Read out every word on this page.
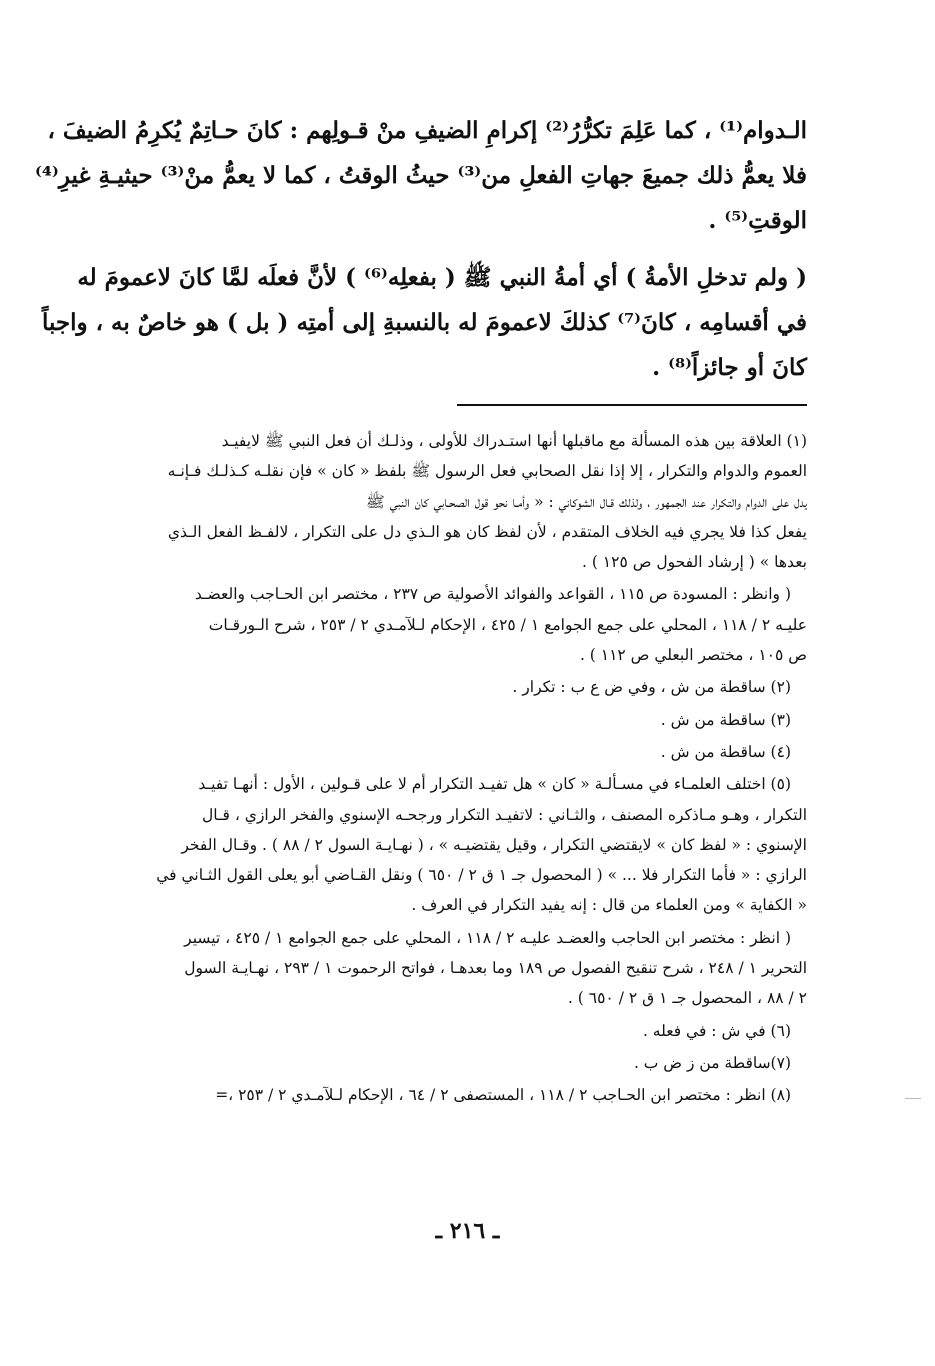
الـدوام⁽¹⁾ ، كما عَلِمَ تكرُّرُ⁽²⁾ إكرامِ الضيفِ منْ قـولِهم : كانَ حـاتِمٌ يُكرِمُ الضيفَ ،
فلا يعمُّ ذلك جميعَ جهاتِ الفعلِ من⁽³⁾ حيثُ الوقتُ ، كما لا يعمُّ منْ⁽³⁾ حيثيـةِ غيرِ⁽⁴⁾
الوقتِ⁽⁵⁾ .
( ولم تدخلِ الأمةُ ) أي أمةُ النبي ﷺ ( بفعلِه⁽⁶⁾ ) لأنَّ فعلَه لمَّا كانَ لاعمومَ له
في أقسامِه ، كانَ⁽⁷⁾ كذلكَ لاعمومَ له بالنسبةِ إلى أمتِه ( بل ) هو خاصٌ به ، واجباً
كانَ أو جائزاً⁽⁸⁾ .
(١) العلاقة بين هذه المسألة مع ماقبلها أنها استـدراك للأولى ، وذلـك أن فعل النبي ﷺ لايفيـد
العموم والدوام والتكرار ، إلا إذا نقل الصحابي فعل الرسول ﷺ بلفظ « كان » فإن نقلـه كـذلـك فـإنـه
يدل على الدوام والتكرار عند الجمهور ، ولذلك قـال الشوكاني : « وأمـا نحو قول الصحـابي كان النبي ﷺ
يفعل كذا فلا يجري فيه الخلاف المتقدم ، لأن لفظ كان هو الـذي دل على التكرار ، لالفـظ الفعل الـذي
بعدها » ( إرشاد الفحول ص ١٢٥ ) .
( وانظر : المسودة ص ١١٥ ، القواعد والفوائد الأصولية ص ٢٣٧ ، مختصر ابن الحـاجب والعضـد
عليـه ٢ / ١١٨ ، المحلي على جمع الجوامع ١ / ٤٢٥ ، الإحكام لـلآمـدي ٢ / ٢٥٣ ، شرح الـورقـات
ص ١٠٥ ، مختصر البعلي ص ١١٢ ) .
(٢) ساقطة من ش ، وفي ض ع ب : تكرار .
(٣) ساقطة من ش .
(٤) ساقطة من ش .
(٥) اختلف العلمـاء في مسـألـة « كان » هل تفيـد التكرار أم لا على قـولين ، الأول : أنهـا تفيـد
التكرار ، وهـو مـاذكره المصنف ، والثـاني : لاتفيـد التكرار ورجحـه الإسنوي والفخر الرازي ، قـال
الإسنوي : « لفظ كان » لايقتضي التكرار ، وقيل يقتضيـه » ، ( نهـايـة السول ٢ / ٨٨ ) . وقـال الفخر
الرازي : « فأما التكرار فلا ... » ( المحصول جـ ١ ق ٢ / ٦٥٠ ) ونقل القـاضي أبو يعلى القول الثـاني في
« الكفاية » ومن العلماء من قال : إنه يفيد التكرار في العرف .
( انظر : مختصر ابن الحاجب والعضـد عليـه ٢ / ١١٨ ، المحلي على جمع الجوامع ١ / ٤٢٥ ، تيسير
التحرير ١ / ٢٤٨ ، شرح تنقيح الفصول ص ١٨٩ وما بعدهـا ، فواتح الرحموت ١ / ٢٩٣ ، نهـايـة السول
٢ / ٨٨ ، المحصول جـ ١ ق ٢ / ٦٥٠ ) .
(٦) في ش : في فعله .
(٧)ساقطة من ز ض ب .
(٨) انظر : مختصر ابن الحـاجب ٢ / ١١٨ ، المستصفى ٢ / ٦٤ ، الإحكام لـلآمـدي ٢ / ٢٥٣ ،=
ـ ٢١٦ ـ
